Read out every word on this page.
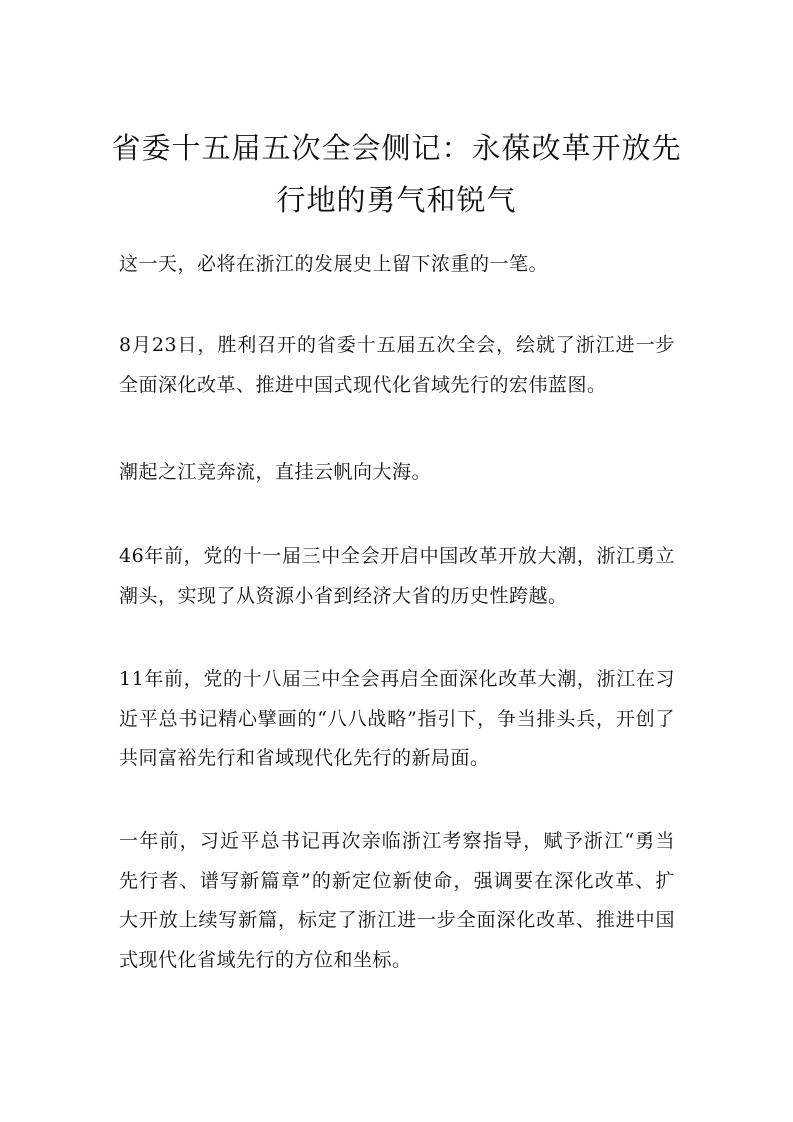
省委十五届五次全会侧记：永葆改革开放先行地的勇气和锐气

这一天，必将在浙江的发展史上留下浓重的一笔。

8月23日，胜利召开的省委十五届五次全会，绘就了浙江进一步全面深化改革、推进中国式现代化省域先行的宏伟蓝图。

潮起之江竞奔流，直挂云帆向大海。

46年前，党的十一届三中全会开启中国改革开放大潮，浙江勇立潮头，实现了从资源小省到经济大省的历史性跨越。

11年前，党的十八届三中全会再启全面深化改革大潮，浙江在习近平总书记精心擘画的“八八战略”指引下，争当排头兵，开创了共同富裕先行和省域现代化先行的新局面。

一年前，习近平总书记再次亲临浙江考察指导，赋予浙江“勇当先行者、谱写新篇章”的新定位新使命，强调要在深化改革、扩大开放上续写新篇，标定了浙江进一步全面深化改革、推进中国式现代化省域先行的方位和坐标。
